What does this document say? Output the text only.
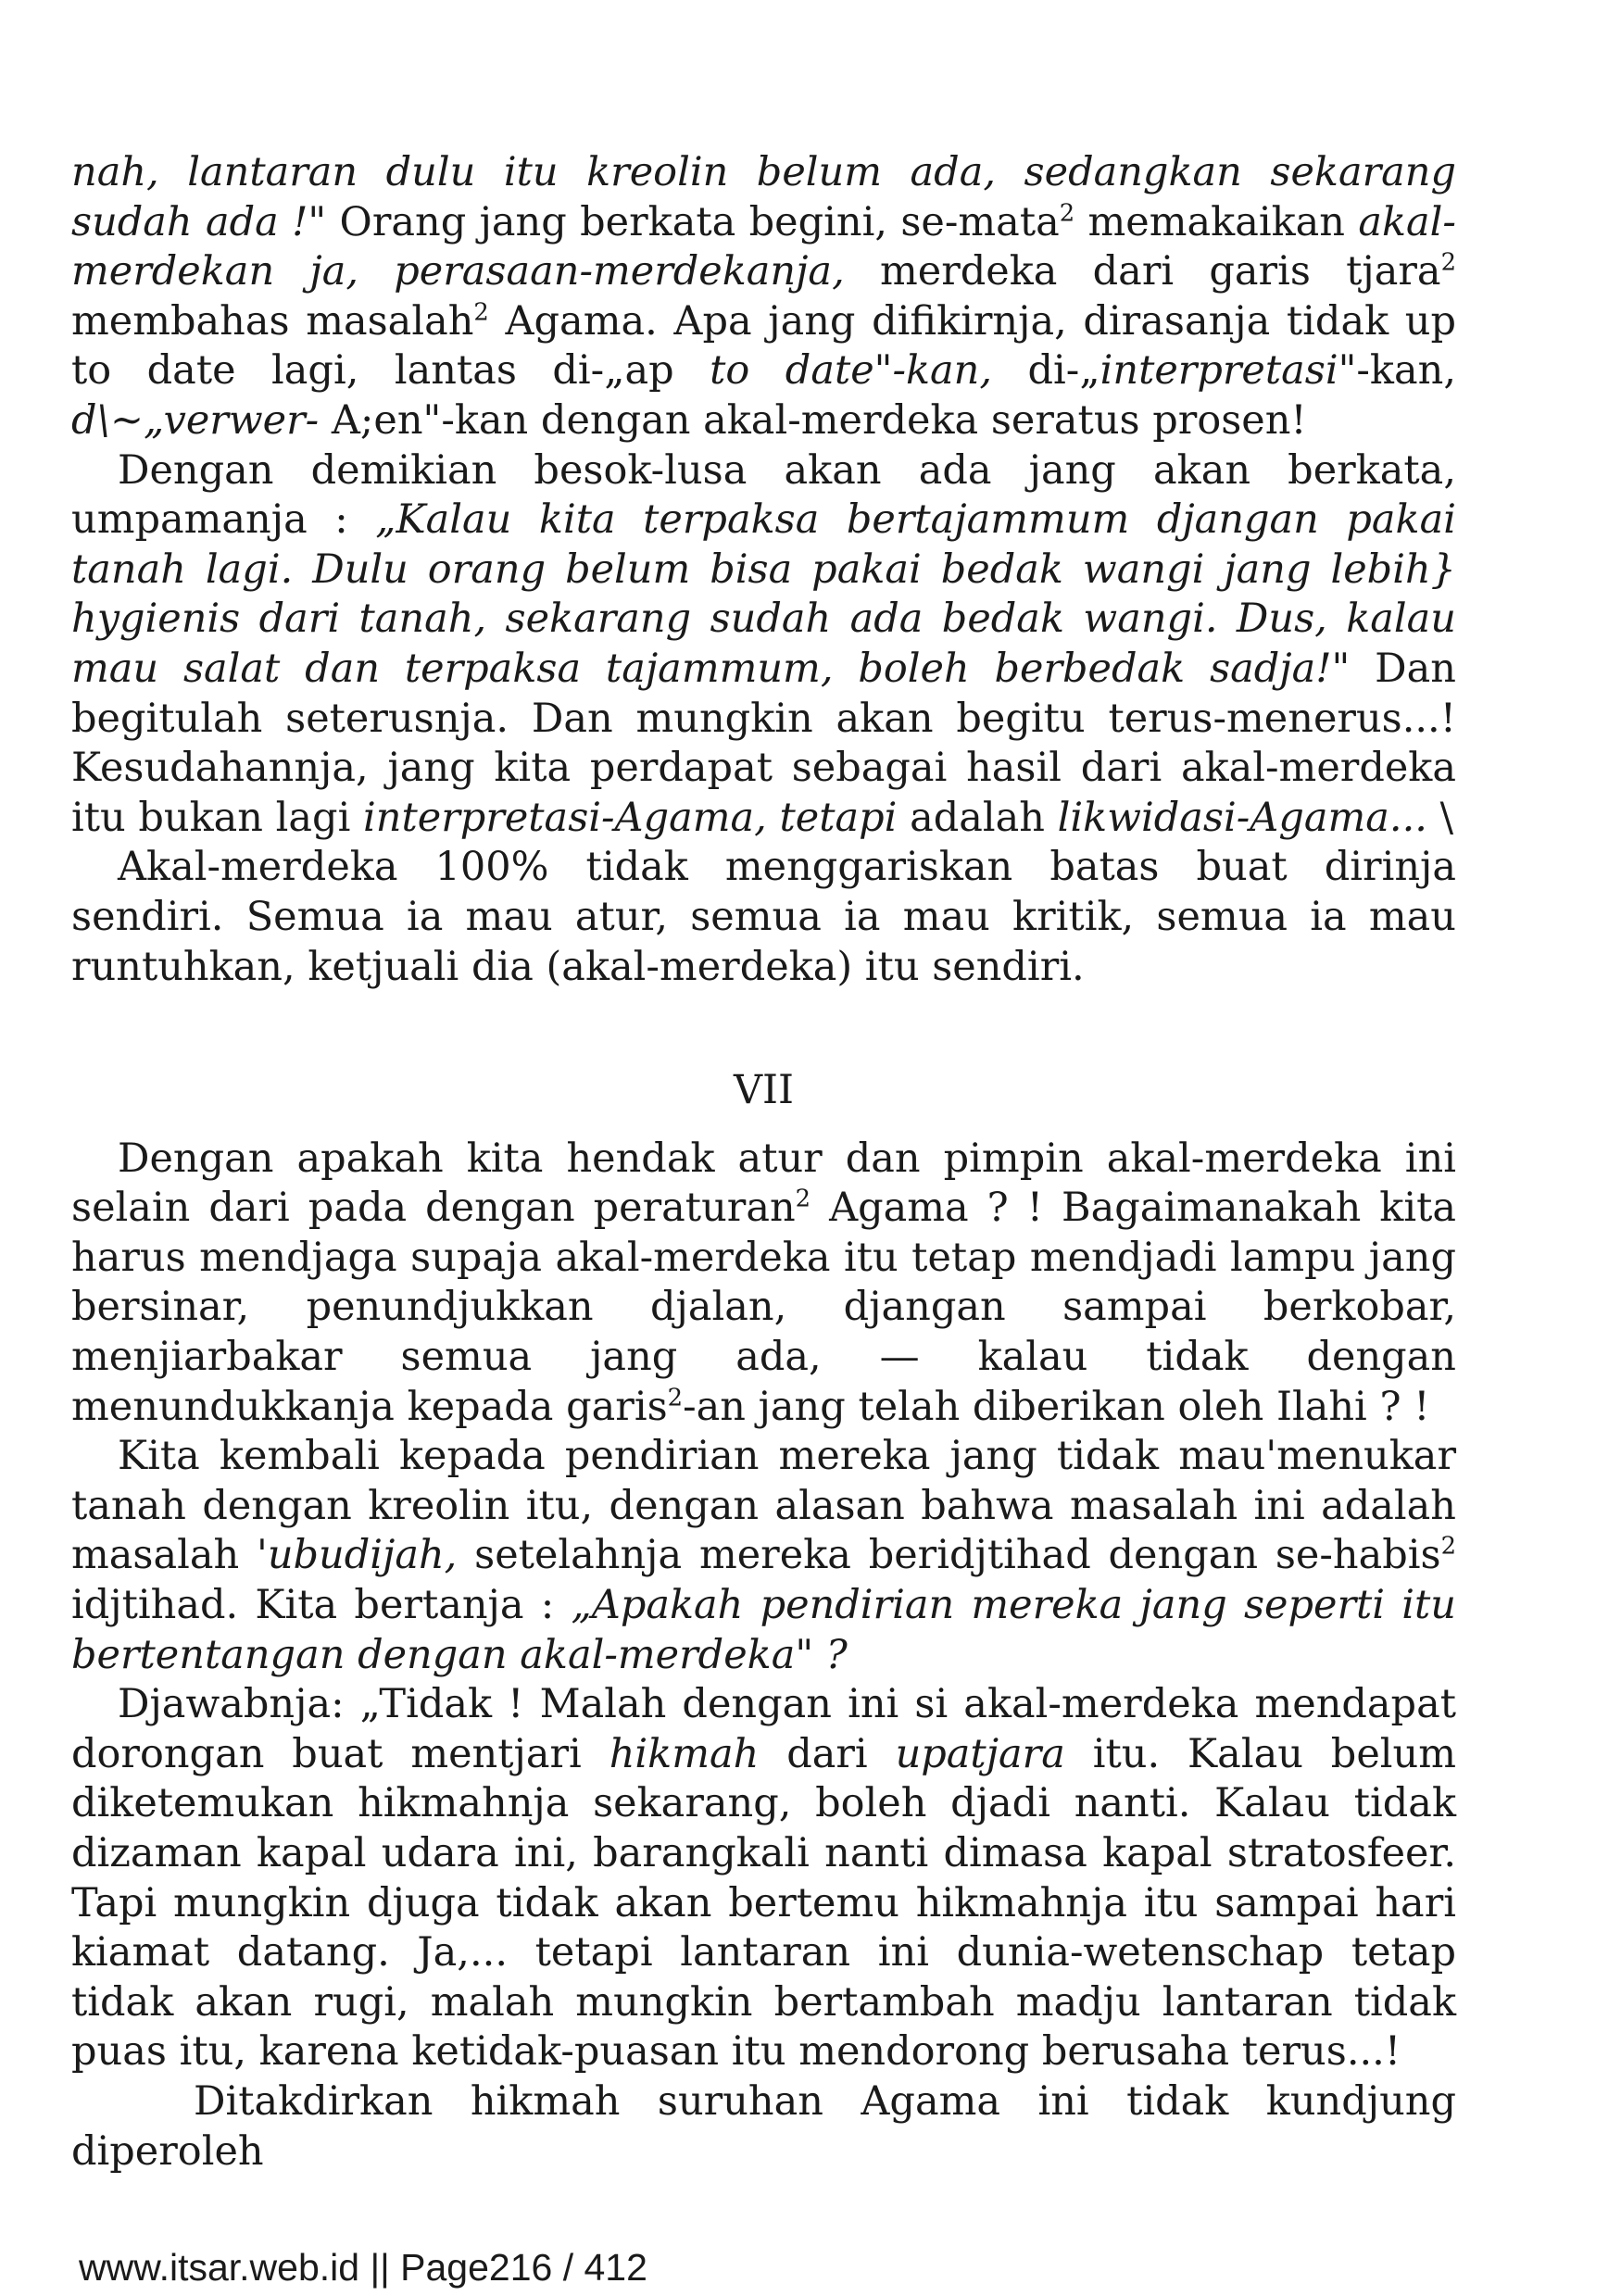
nah, lantaran dulu itu kreolin belum ada, sedangkan sekarang sudah ada !" Orang jang berkata begini, se-mata$^2$ memakaikan akal-merdekan ja, perasaan-merdekanja, merdeka dari garis tjara$^2$ membahas masalah$^2$ Agama. Apa jang difikirnja, dirasanja tidak up to date lagi, lantas di-„ap to date"-kan, di-„interpretasi"-kan, d\~„verwer- A;en"-kan dengan akal-merdeka seratus prosen!

Dengan demikian besok-lusa akan ada jang akan berkata, umpamanja : „Kalau kita terpaksa bertajammum djangan pakai tanah lagi. Dulu orang belum bisa pakai bedak wangi jang lebih} hygienis dari tanah, sekarang sudah ada bedak wangi. Dus, kalau mau salat dan terpaksa tajammum, boleh berbedak sadja!" Dan begitulah seterusnja. Dan mungkin akan begitu terus-menerus...! Kesudahannja, jang kita perdapat sebagai hasil dari akal-merdeka itu bukan lagi interpretasi-Agama, tetapi adalah likwidasi-Agama... \

Akal-merdeka 100% tidak menggariskan batas buat dirinja sendiri. Semua ia mau atur, semua ia mau kritik, semua ia mau runtuhkan, ketjuali dia (akal-merdeka) itu sendiri.

VII

Dengan apakah kita hendak atur dan pimpin akal-merdeka ini selain dari pada dengan peraturan$^2$ Agama ? ! Bagaimanakah kita harus mendjaga supaja akal-merdeka itu tetap mendjadi lampu jang bersinar, penundjukkan djalan, djangan sampai berkobar, menjiarbakar semua jang ada, — kalau tidak dengan menundukkanja kepada garis$^2$-an jang telah diberikan oleh Ilahi ? !

Kita kembali kepada pendirian mereka jang tidak mau'menukar tanah dengan kreolin itu, dengan alasan bahwa masalah ini adalah masalah 'ubudijah, setelahnja mereka beridjtihad dengan se-habis$^2$ idjtihad. Kita bertanja : „Apakah pendirian mereka jang seperti itu bertentangan dengan akal-merdeka" ?

Djawabnja: „Tidak ! Malah dengan ini si akal-merdeka mendapat dorongan buat mentjari hikmah dari upatjara itu. Kalau belum diketemukan hikmahnja sekarang, boleh djadi nanti. Kalau tidak dizaman kapal udara ini, barangkali nanti dimasa kapal stratosfeer. Tapi mungkin djuga tidak akan bertemu hikmahnja itu sampai hari kiamat datang. Ja,... tetapi lantaran ini dunia-wetenschap tetap tidak akan rugi, malah mungkin bertambah madju lantaran tidak puas itu, karena ketidak-puasan itu mendorong berusaha terus...!

Ditakdirkan hikmah suruhan Agama ini tidak kundjung diperoleh

www.itsar.web.id || Page216 / 412
